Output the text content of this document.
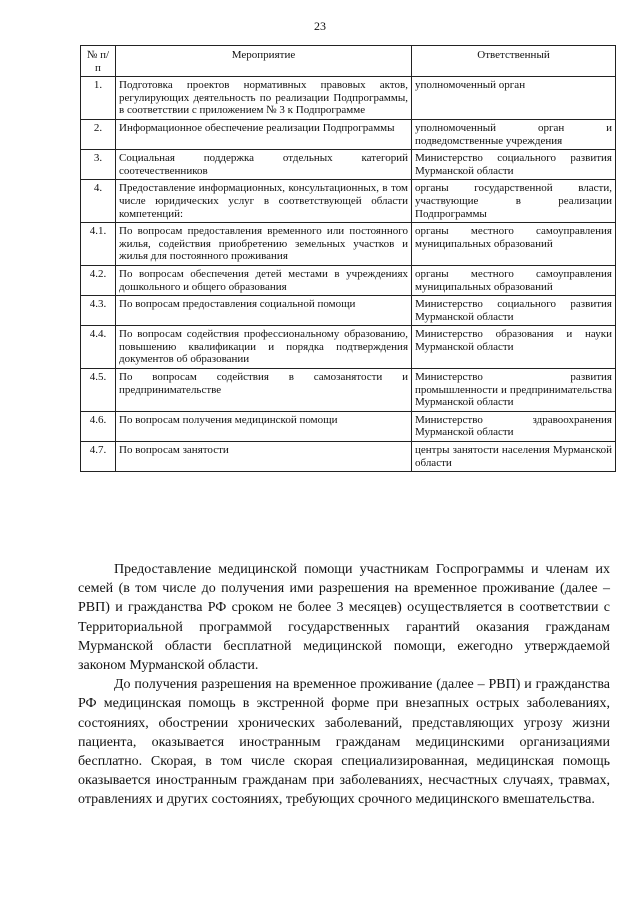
23
№ п/п	Мероприятие	Ответственный
1.	Подготовка проектов нормативных правовых актов, регулирующих деятельность по реализации Подпрограммы, в соответствии с приложением № 3 к Подпрограмме	уполномоченный орган
2.	Информационное обеспечение реализации Подпрограммы	уполномоченный орган и подведомственные учреждения
3.	Социальная поддержка отдельных категорий соотечественников	Министерство социального развития Мурманской области
4.	Предоставление информационных, консультационных, в том числе юридических услуг в соответствующей области компетенций:	органы государственной власти, участвующие в реализации Подпрограммы
4.1.	По вопросам предоставления временного или постоянного жилья, содействия приобретению земельных участков и жилья для постоянного проживания	органы местного самоуправления муниципальных образований
4.2.	По вопросам обеспечения детей местами в учреждениях дошкольного и общего образования	органы местного самоуправления муниципальных образований
4.3.	По вопросам предоставления социальной помощи	Министерство социального развития Мурманской области
4.4.	По вопросам содействия профессиональному образованию, повышению квалификации и порядка подтверждения документов об образовании	Министерство образования и науки Мурманской области
4.5.	По вопросам содействия в самозанятости и предпринимательстве	Министерство развития промышленности и предпринимательства Мурманской области
4.6.	По вопросам получения медицинской помощи	Министерство здравоохранения Мурманской области
4.7.	По вопросам занятости	центры занятости населения Мурманской области

Предоставление медицинской помощи участникам Госпрограммы и членам их семей (в том числе до получения ими разрешения на временное проживание (далее – РВП) и гражданства РФ сроком не более 3 месяцев) осуществляется в соответствии с Территориальной программой государственных гарантий оказания гражданам Мурманской области бесплатной медицинской помощи, ежегодно утверждаемой законом Мурманской области.

До получения разрешения на временное проживание (далее – РВП) и гражданства РФ медицинская помощь в экстренной форме при внезапных острых заболеваниях, состояниях, обострении хронических заболеваний, представляющих угрозу жизни пациента, оказывается иностранным гражданам медицинскими организациями бесплатно. Скорая, в том числе скорая специализированная, медицинская помощь оказывается иностранным гражданам при заболеваниях, несчастных случаях, травмах, отравлениях и других состояниях, требующих срочного медицинского вмешательства.
